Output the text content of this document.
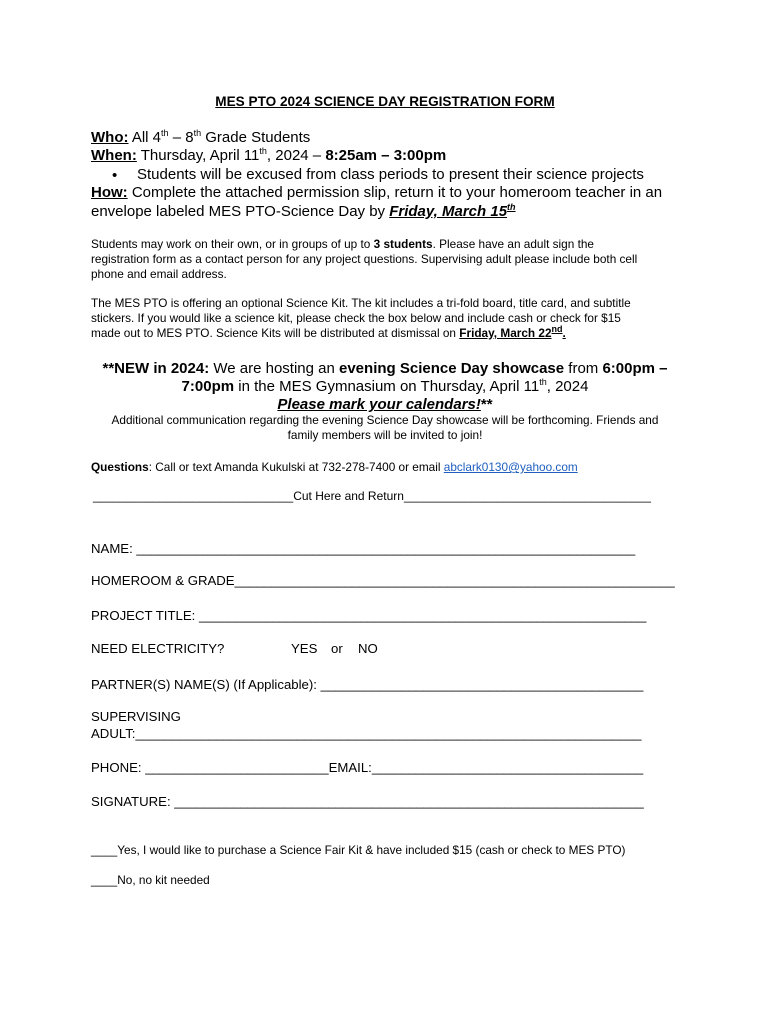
MES PTO 2024 SCIENCE DAY REGISTRATION FORM
Who: All 4th – 8th Grade Students
When: Thursday, April 11th, 2024 – 8:25am – 3:00pm
• Students will be excused from class periods to present their science projects
How: Complete the attached permission slip, return it to your homeroom teacher in an
envelope labeled MES PTO-Science Day by Friday, March 15th
Students may work on their own, or in groups of up to 3 students. Please have an adult sign the
registration form as a contact person for any project questions. Supervising adult please include both cell
phone and email address.
The MES PTO is offering an optional Science Kit. The kit includes a tri-fold board, title card, and subtitle
stickers. If you would like a science kit, please check the box below and include cash or check for $15
made out to MES PTO. Science Kits will be distributed at dismissal on Friday, March 22nd.
**NEW in 2024: We are hosting an evening Science Day showcase from 6:00pm –
7:00pm in the MES Gymnasium on Thursday, April 11th, 2024
Please mark your calendars!**
Additional communication regarding the evening Science Day showcase will be forthcoming. Friends and
family members will be invited to join!
Questions: Call or text Amanda Kukulski at 732-278-7400 or email abclark0130@yahoo.com
______________________________Cut Here and Return_____________________________________
NAME: ____________________________________________________________________
HOMEROOM & GRADE____________________________________________________________
PROJECT TITLE: _____________________________________________________________
NEED ELECTRICITY?	YES or NO
PARTNER(S) NAME(S) (If Applicable): ____________________________________________
SUPERVISING
ADULT:_____________________________________________________________________
PHONE: _________________________EMAIL:_____________________________________
SIGNATURE: ________________________________________________________________
____Yes, I would like to purchase a Science Fair Kit & have included $15 (cash or check to MES PTO)
____No, no kit needed
